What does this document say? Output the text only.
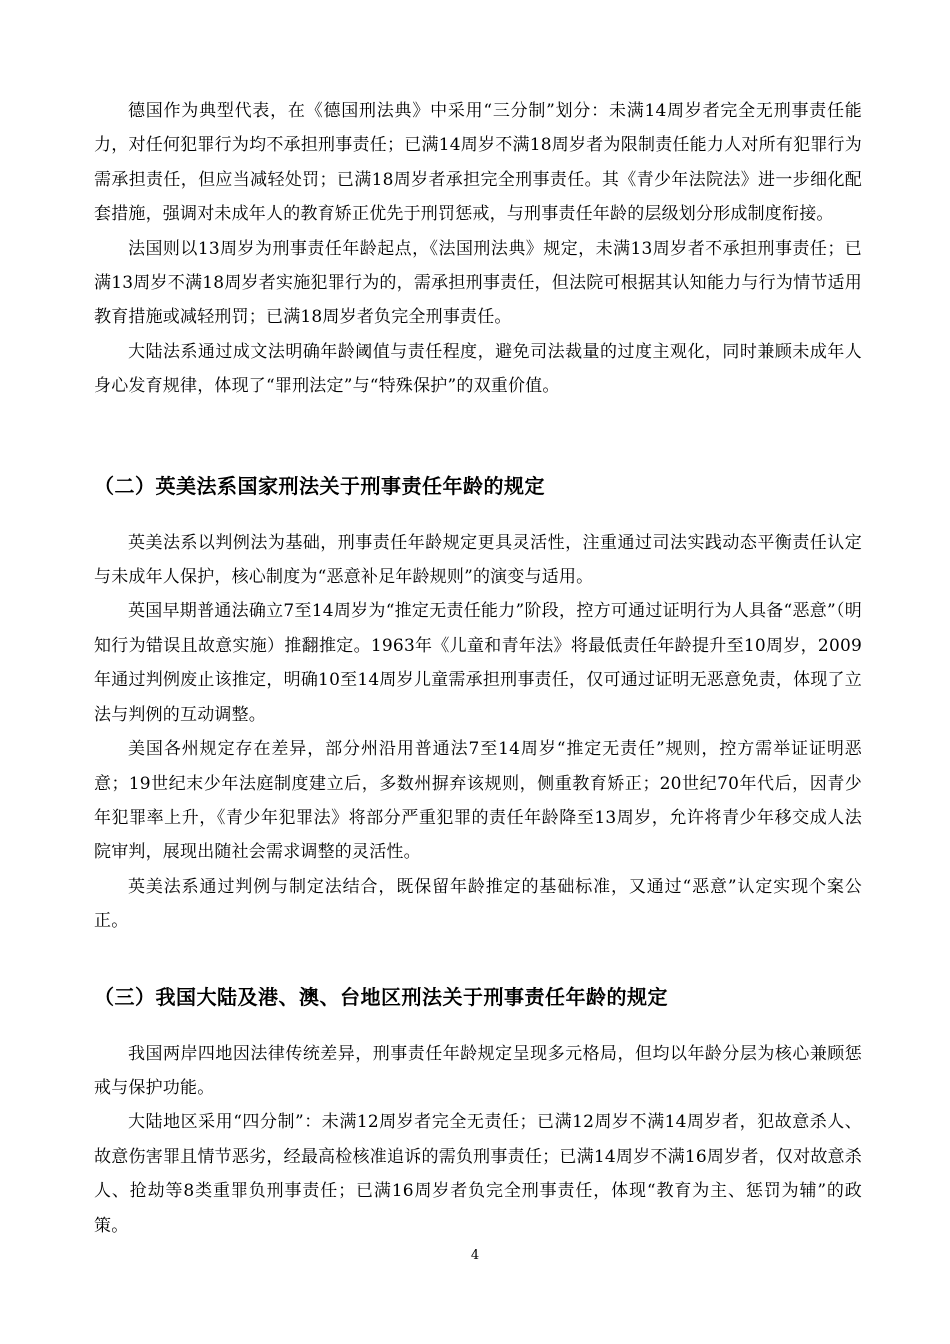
德国作为典型代表，在《德国刑法典》中采用“三分制”划分：未满14周岁者完全无刑事责任能力，对任何犯罪行为均不承担刑事责任；已满14周岁不满18周岁者为限制责任能力人对所有犯罪行为需承担责任，但应当减轻处罚；已满18周岁者承担完全刑事责任。其《青少年法院法》进一步细化配套措施，强调对未成年人的教育矫正优先于刑罚惩戒，与刑事责任年龄的层级划分形成制度衔接。

法国则以13周岁为刑事责任年龄起点，《法国刑法典》规定，未满13周岁者不承担刑事责任；已满13周岁不满18周岁者实施犯罪行为的，需承担刑事责任，但法院可根据其认知能力与行为情节适用教育措施或减轻刑罚；已满18周岁者负完全刑事责任。

大陆法系通过成文法明确年龄阈值与责任程度，避免司法裁量的过度主观化，同时兼顾未成年人身心发育规律，体现了“罪刑法定”与“特殊保护”的双重价值。

（二）英美法系国家刑法关于刑事责任年龄的规定

英美法系以判例法为基础，刑事责任年龄规定更具灵活性，注重通过司法实践动态平衡责任认定与未成年人保护，核心制度为“恶意补足年龄规则”的演变与适用。

英国早期普通法确立7至14周岁为“推定无责任能力”阶段，控方可通过证明行为人具备“恶意”（明知行为错误且故意实施）推翻推定。1963年《儿童和青年法》将最低责任年龄提升至10周岁，2009年通过判例废止该推定，明确10至14周岁儿童需承担刑事责任，仅可通过证明无恶意免责，体现了立法与判例的互动调整。

美国各州规定存在差异，部分州沿用普通法7至14周岁“推定无责任”规则，控方需举证证明恶意；19世纪末少年法庭制度建立后，多数州摒弃该规则，侧重教育矫正；20世纪70年代后，因青少年犯罪率上升，《青少年犯罪法》将部分严重犯罪的责任年龄降至13周岁，允许将青少年移交成人法院审判，展现出随社会需求调整的灵活性。

英美法系通过判例与制定法结合，既保留年龄推定的基础标准，又通过“恶意”认定实现个案公正。

（三）我国大陆及港、澳、台地区刑法关于刑事责任年龄的规定

我国两岸四地因法律传统差异，刑事责任年龄规定呈现多元格局，但均以年龄分层为核心兼顾惩戒与保护功能。

大陆地区采用“四分制”：未满12周岁者完全无责任；已满12周岁不满14周岁者，犯故意杀人、故意伤害罪且情节恶劣，经最高检核准追诉的需负刑事责任；已满14周岁不满16周岁者，仅对故意杀人、抢劫等8类重罪负刑事责任；已满16周岁者负完全刑事责任，体现“教育为主、惩罚为辅”的政策。

4
